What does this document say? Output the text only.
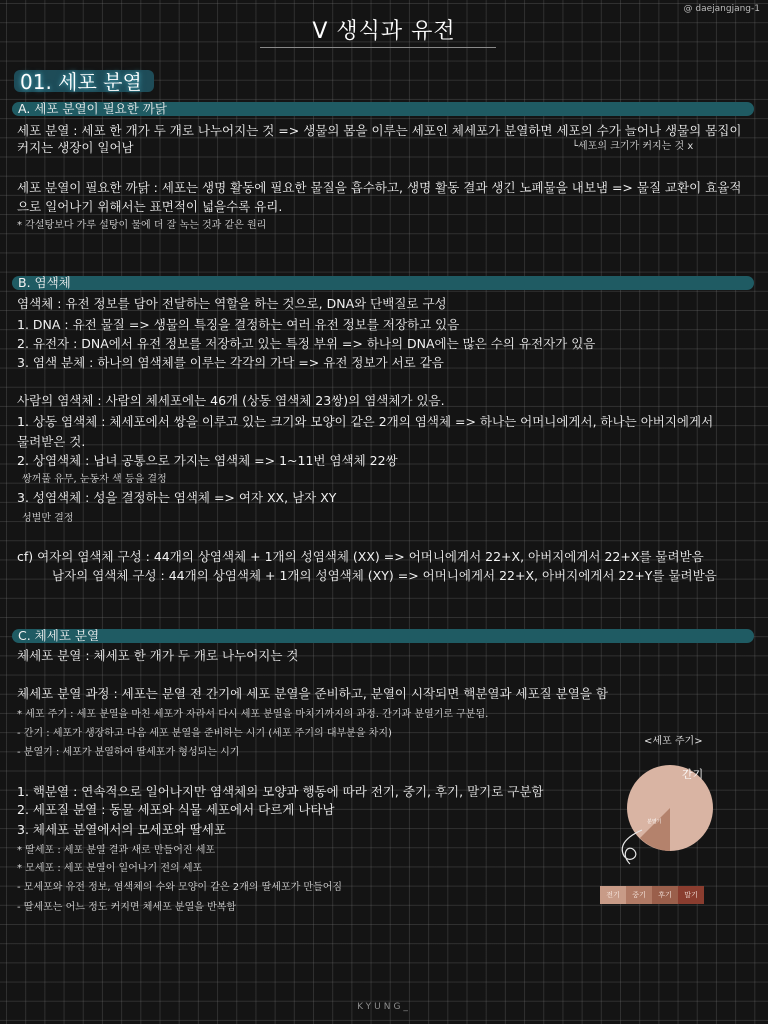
V 생식과 유전
@ daejangjang-1
01. 세포 분열
A. 세포 분열이 필요한 까닭
세포 분열 : 세포 한 개가 두 개로 나누어지는 것 => 생물의 몸을 이루는 세포인 체세포가 분열하면 세포의 수가 늘어나 생물의 몸집이
커지는 생장이 일어남	└세포의 크기가 커지는 것 x
세포 분열이 필요한 까닭 : 세포는 생명 활동에 필요한 물질을 흡수하고, 생명 활동 결과 생긴 노폐물을 내보냄 => 물질 교환이 효율적
으로 일어나기 위해서는 표면적이 넓을수록 유리.
* 각설탕보다 가루 설탕이 물에 더 잘 녹는 것과 같은 원리
B. 염색체
염색체 : 유전 정보를 담아 전달하는 역할을 하는 것으로, DNA와 단백질로 구성
1. DNA : 유전 물질 => 생물의 특징을 결정하는 여러 유전 정보를 저장하고 있음
2. 유전자 : DNA에서 유전 정보를 저장하고 있는 특정 부위 => 하나의 DNA에는 많은 수의 유전자가 있음
3. 염색 분체 : 하나의 염색체를 이루는 각각의 가닥 => 유전 정보가 서로 같음
사람의 염색체 : 사람의 체세포에는 46개 (상동 염색체 23쌍)의 염색체가 있음.
1. 상동 염색체 : 체세포에서 쌍을 이루고 있는 크기와 모양이 같은 2개의 염색체 => 하나는 어머니에게서, 하나는 아버지에게서
물려받은 것.
2. 상염색체 : 남녀 공통으로 가지는 염색체 => 1~11번 염색체 22쌍
쌍꺼풀 유무, 눈동자 색 등을 결정
3. 성염색체 : 성을 결정하는 염색체 => 여자 XX, 남자 XY
성별만 결정
cf) 여자의 염색체 구성 : 44개의 상염색체 + 1개의 성염색체 (XX) => 어머니에게서 22+X, 아버지에게서 22+X를 물려받음
남자의 염색체 구성 : 44개의 상염색체 + 1개의 성염색체 (XY) => 어머니에게서 22+X, 아버지에게서 22+Y를 물려받음
C. 체세포 분열
체세포 분열 : 체세포 한 개가 두 개로 나누어지는 것
체세포 분열 과정 : 세포는 분열 전 간기에 세포 분열을 준비하고, 분열이 시작되면 핵분열과 세포질 분열을 함
* 세포 주기 : 세포 분열을 마친 세포가 자라서 다시 세포 분열을 마치기까지의 과정. 간기과 분열기로 구분됨.
- 간기 : 세포가 생장하고 다음 세포 분열을 준비하는 시기 (세포 주기의 대부분을 차지)
- 분열기 : 세포가 분열하여 딸세포가 형성되는 시기
1. 핵분열 : 연속적으로 일어나지만 염색체의 모양과 행동에 따라 전기, 중기, 후기, 말기로 구분함
2. 세포질 분열 : 동물 세포와 식물 세포에서 다르게 나타남
3. 체세포 분열에서의 모세포와 딸세포
* 딸세포 : 세포 분열 결과 새로 만들어진 세포
* 모세포 : 세포 분열이 일어나기 전의 세포
- 모세포와 유전 정보, 염색체의 수와 모양이 같은 2개의 딸세포가 만들어짐
- 딸세포는 어느 정도 커지면 체세포 분열을 반복함
<세포 주기>
간기
분열기
전기	중기	후기	말기
KYUNG_
